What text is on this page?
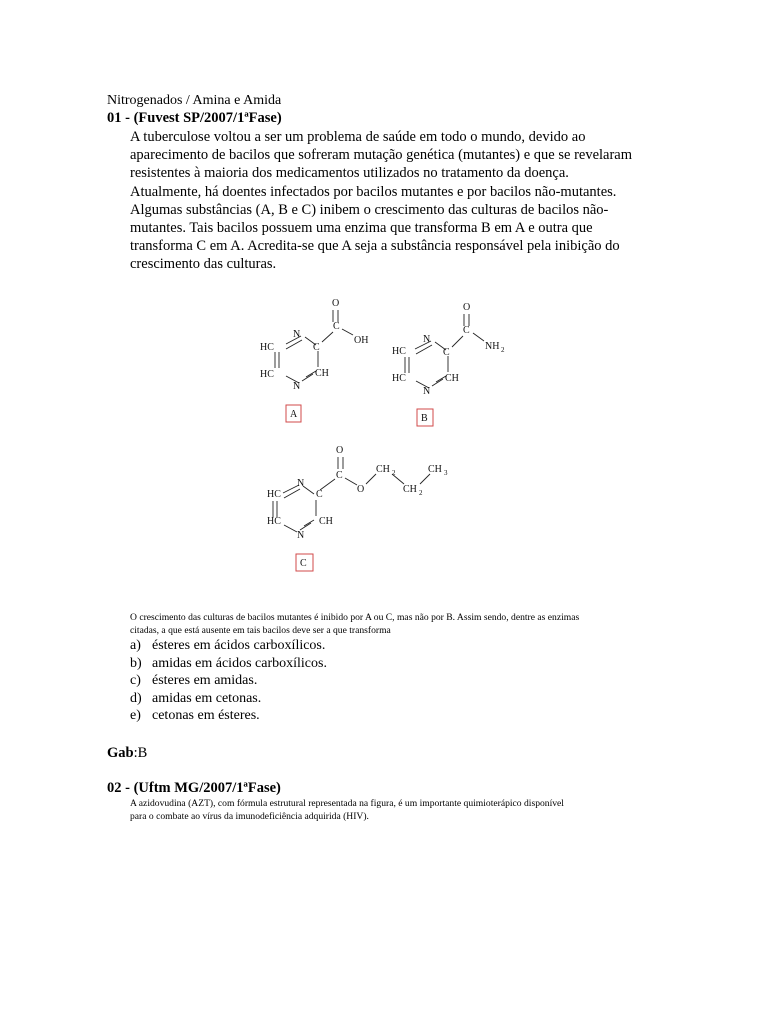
Nitrogenados / Amina e Amida
01 - (Fuvest SP/2007/1ªFase)
A tuberculose voltou a ser um problema de saúde em todo o mundo, devido ao
aparecimento de bacilos que sofreram mutação genética (mutantes) e que se revelaram
resistentes à maioria dos medicamentos utilizados no tratamento da doença.
Atualmente, há doentes infectados por bacilos mutantes e por bacilos não-mutantes.
Algumas substâncias (A, B e C) inibem o crescimento das culturas de bacilos não-
mutantes. Tais bacilos possuem uma enzima que transforma B em A e outra que
transforma C em A. Acredita-se que A seja a substância responsável pela inibição do
crescimento das culturas.
HC
HC
N
N
C
CH
C
O
OH
A
HC
HC
N
N
C
CH
C
O
NH 2
B
HC
HC
N
N
C
CH
C
O
O
CH 2
CH 2
CH 3
C
O crescimento das culturas de bacilos mutantes é inibido por A ou C, mas não por B. Assim sendo, dentre as enzimas
citadas, a que está ausente em tais bacilos deve ser a que transforma
a) ésteres em ácidos carboxílicos.
b) amidas em ácidos carboxílicos.
c) ésteres em amidas.
d) amidas em cetonas.
e) cetonas em ésteres.
Gab:B
02 - (Uftm MG/2007/1ªFase)
A azidovudina (AZT), com fórmula estrutural representada na figura, é um importante quimioterápico disponível
para o combate ao vírus da imunodeficiência adquirida (HIV).
